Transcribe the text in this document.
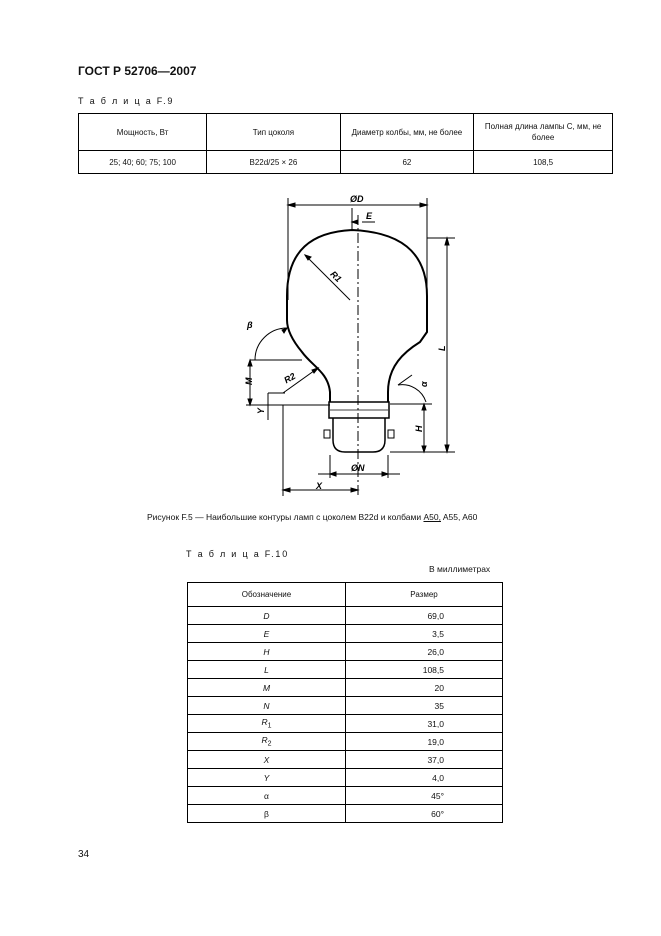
ГОСТ Р 52706—2007
Т а б л и ц а F.9
Мощность, Вт	Тип цоколя	Диаметр колбы, мм, не более	Полная длина лампы C, мм, не более
25; 40; 60; 75; 100	B22d/25 × 26	62	108,5
ØD
E
R1
L
M
Y
R2
H
ØN
X
α
β
Рисунок F.5 — Наибольшие контуры ламп с цоколем B22d и колбами A50, A55, A60
Т а б л и ц а F.10
В миллиметрах
Обозначение	Размер
D	69,0
E	3,5
H	26,0
L	108,5
M	20
N	35
$R_1$	31,0
$R_2$	19,0
X	37,0
Y	4,0
α	45°
β	60°
34
